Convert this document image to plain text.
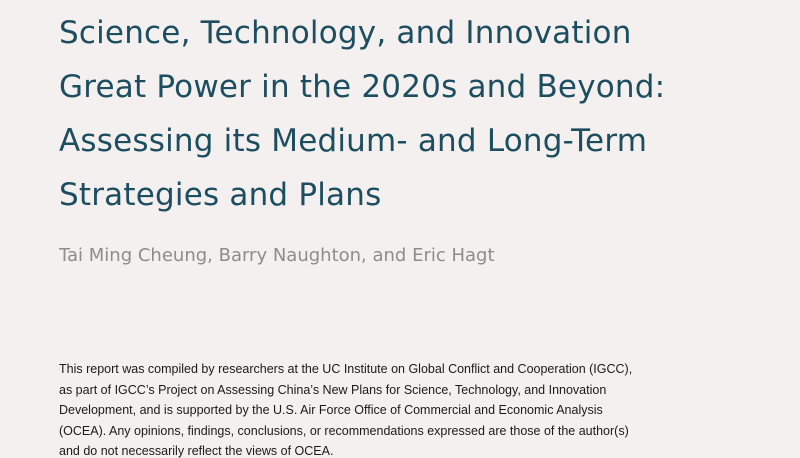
Science, Technology, and Innovation
Great Power in the 2020s and Beyond:
Assessing its Medium- and Long-Term
Strategies and Plans

Tai Ming Cheung, Barry Naughton, and Eric Hagt

This report was compiled by researchers at the UC Institute on Global Conflict and Cooperation (IGCC),
as part of IGCC’s Project on Assessing China’s New Plans for Science, Technology, and Innovation
Development, and is supported by the U.S. Air Force Office of Commercial and Economic Analysis
(OCEA). Any opinions, findings, conclusions, or recommendations expressed are those of the author(s)
and do not necessarily reflect the views of OCEA.
